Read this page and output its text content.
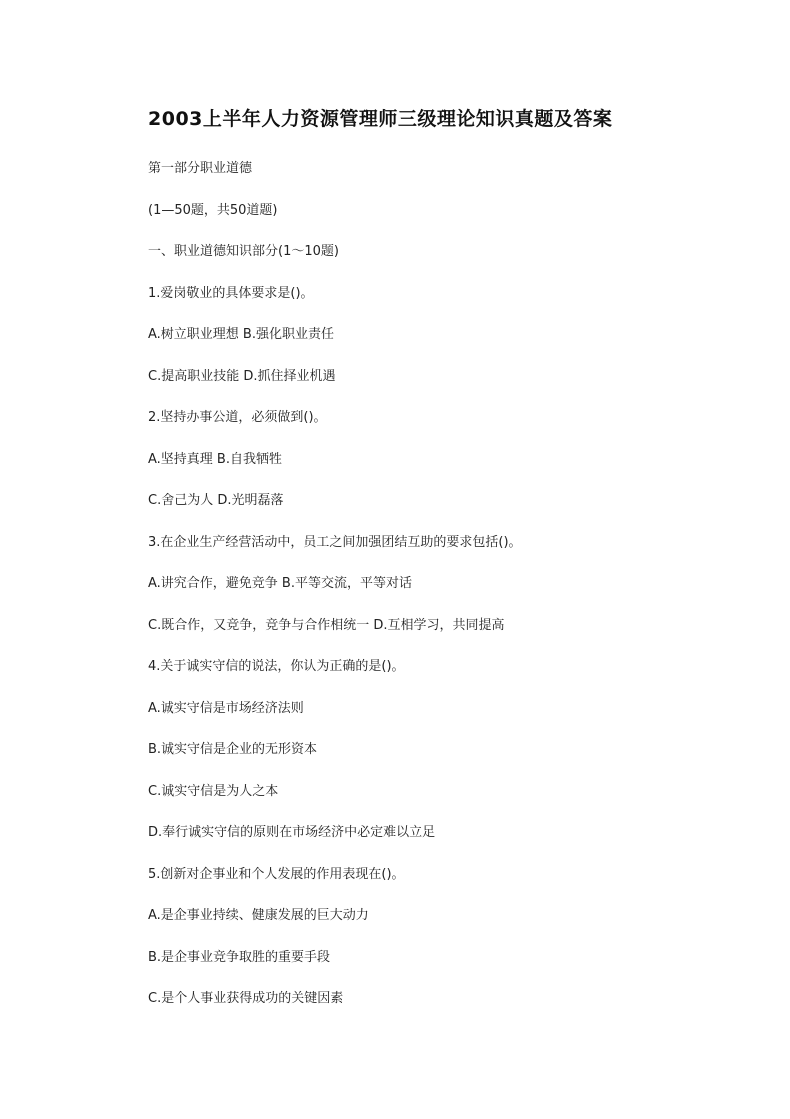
2003上半年人力资源管理师三级理论知识真题及答案
第一部分职业道德
(1—50题，共50道题)
一、职业道德知识部分(1～10题)
1.爱岗敬业的具体要求是()。
A.树立职业理想 B.强化职业责任
C.提高职业技能 D.抓住择业机遇
2.坚持办事公道，必须做到()。
A.坚持真理 B.自我牺牲
C.舍己为人 D.光明磊落
3.在企业生产经营活动中，员工之间加强团结互助的要求包括()。
A.讲究合作，避免竞争 B.平等交流，平等对话
C.既合作，又竞争，竞争与合作相统一 D.互相学习，共同提高
4.关于诚实守信的说法，你认为正确的是()。
A.诚实守信是市场经济法则
B.诚实守信是企业的无形资本
C.诚实守信是为人之本
D.奉行诚实守信的原则在市场经济中必定难以立足
5.创新对企事业和个人发展的作用表现在()。
A.是企事业持续、健康发展的巨大动力
B.是企事业竞争取胜的重要手段
C.是个人事业获得成功的关键因素
